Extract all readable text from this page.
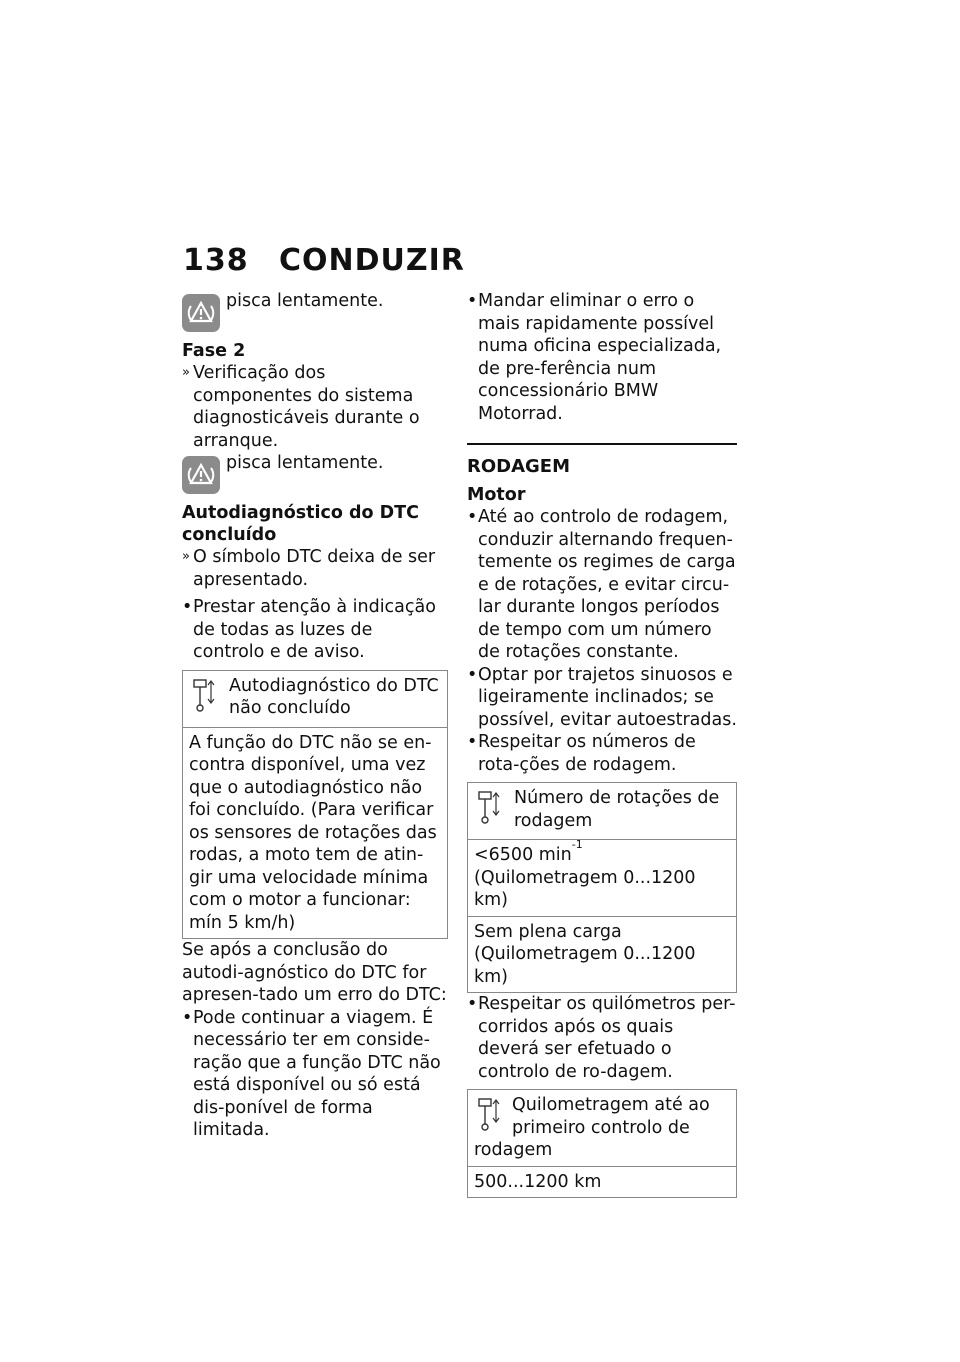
138 CONDUZIR

pisca lentamente.

Fase 2

» Verificação dos componentes do sistema diagnosticáveis durante o arranque.

pisca lentamente.

Autodiagnóstico do DTC concluído

» O símbolo DTC deixa de ser apresentado.

• Prestar atenção à indicação de todas as luzes de controlo e de aviso.

Autodiagnóstico do DTC não concluído

A função do DTC não se en-contra disponível, uma vez que o autodiagnóstico não foi concluído. (Para verificar os sensores de rotações das rodas, a moto tem de atin-gir uma velocidade mínima com o motor a funcionar: mín 5 km/h)

Se após a conclusão do autodi-agnóstico do DTC for apresen-tado um erro do DTC:

• Pode continuar a viagem. É necessário ter em conside-ração que a função DTC não está disponível ou só está dis-ponível de forma limitada.

• Mandar eliminar o erro o mais rapidamente possível numa oficina especializada, de pre-ferência num concessionário BMW Motorrad.

RODAGEM

Motor

• Até ao controlo de rodagem, conduzir alternando frequen-temente os regimes de carga e de rotações, e evitar circu-lar durante longos períodos de tempo com um número de rotações constante.

• Optar por trajetos sinuosos e ligeiramente inclinados; se possível, evitar autoestradas.

• Respeitar os números de rota-ções de rodagem.

Número de rotações de rodagem

<6500 $\min^{-1}$ (Quilometragem 0...1200 km)

Sem plena carga (Quilometragem 0...1200 km)

• Respeitar os quilómetros per-corridos após os quais deverá ser efetuado o controlo de ro-dagem.

Quilometragem até ao primeiro controlo de

rodagem

500...1200 km
